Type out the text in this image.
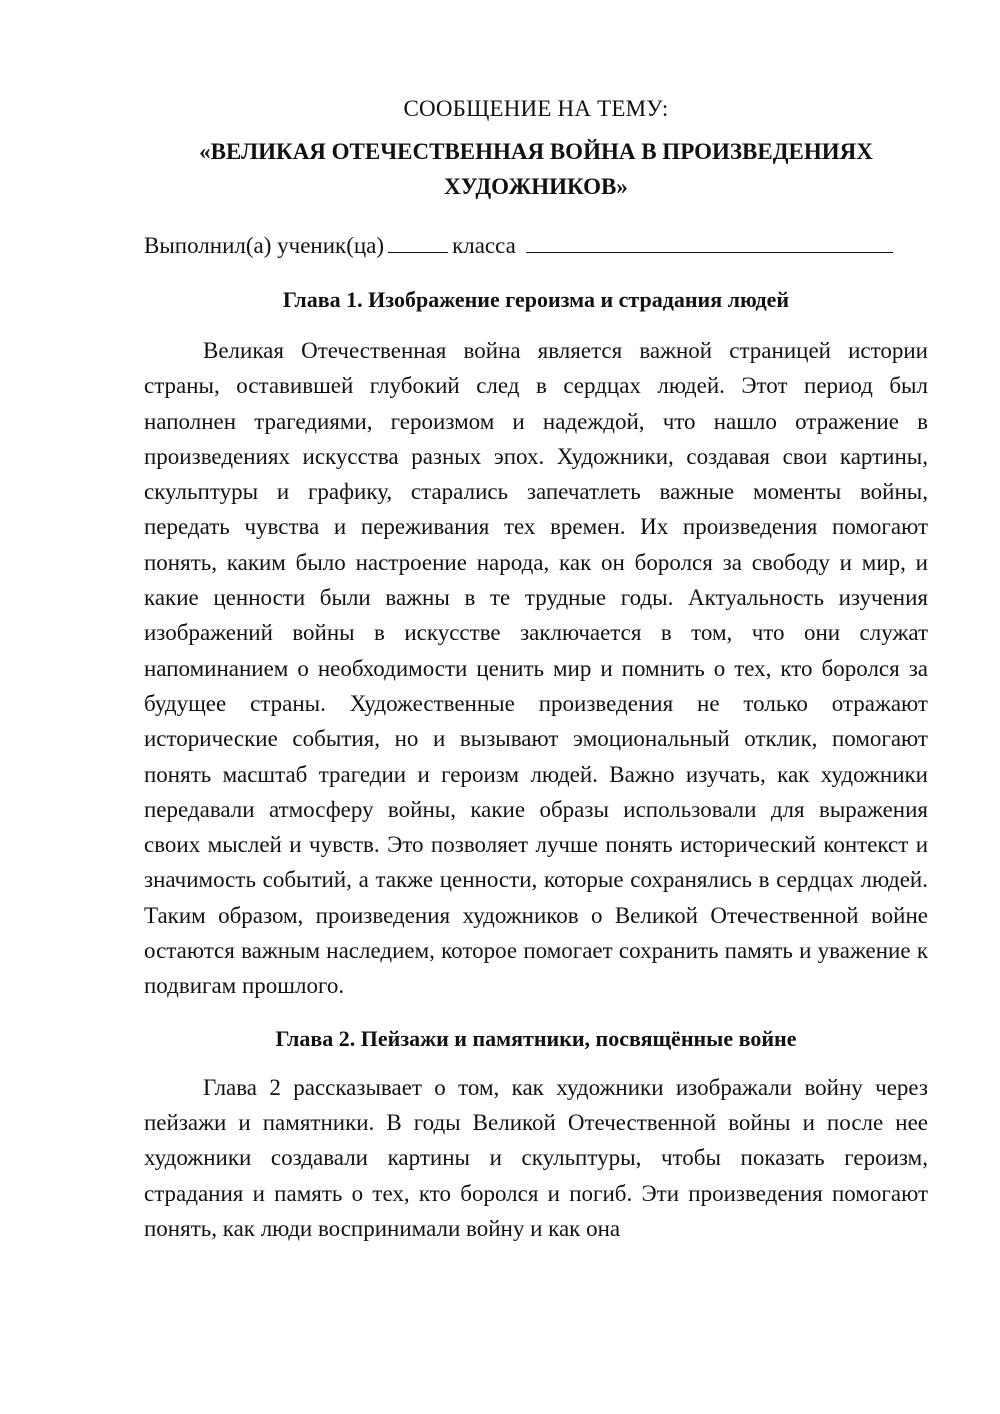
СООБЩЕНИЕ НА ТЕМУ:

«ВЕЛИКАЯ ОТЕЧЕСТВЕННАЯ ВОЙНА В ПРОИЗВЕДЕНИЯХ ХУДОЖНИКОВ»

Выполнил(а) ученик(ца)	класса

Глава 1. Изображение героизма и страдания людей

Великая Отечественная война является важной страницей истории страны, оставившей глубокий след в сердцах людей. Этот период был наполнен трагедиями, героизмом и надеждой, что нашло отражение в произведениях искусства разных эпох. Художники, создавая свои картины, скульптуры и графику, старались запечатлеть важные моменты войны, передать чувства и переживания тех времен. Их произведения помогают понять, каким было настроение народа, как он боролся за свободу и мир, и какие ценности были важны в те трудные годы. Актуальность изучения изображений войны в искусстве заключается в том, что они служат напоминанием о необходимости ценить мир и помнить о тех, кто боролся за будущее страны. Художественные произведения не только отражают исторические события, но и вызывают эмоциональный отклик, помогают понять масштаб трагедии и героизм людей. Важно изучать, как художники передавали атмосферу войны, какие образы использовали для выражения своих мыслей и чувств. Это позволяет лучше понять исторический контекст и значимость событий, а также ценности, которые сохранялись в сердцах людей. Таким образом, произведения художников о Великой Отечественной войне остаются важным наследием, которое помогает сохранить память и уважение к подвигам прошлого.

Глава 2. Пейзажи и памятники, посвящённые войне

Глава 2 рассказывает о том, как художники изображали войну через пейзажи и памятники. В годы Великой Отечественной войны и после нее художники создавали картины и скульптуры, чтобы показать героизм, страдания и память о тех, кто боролся и погиб. Эти произведения помогают понять, как люди воспринимали войну и как она
